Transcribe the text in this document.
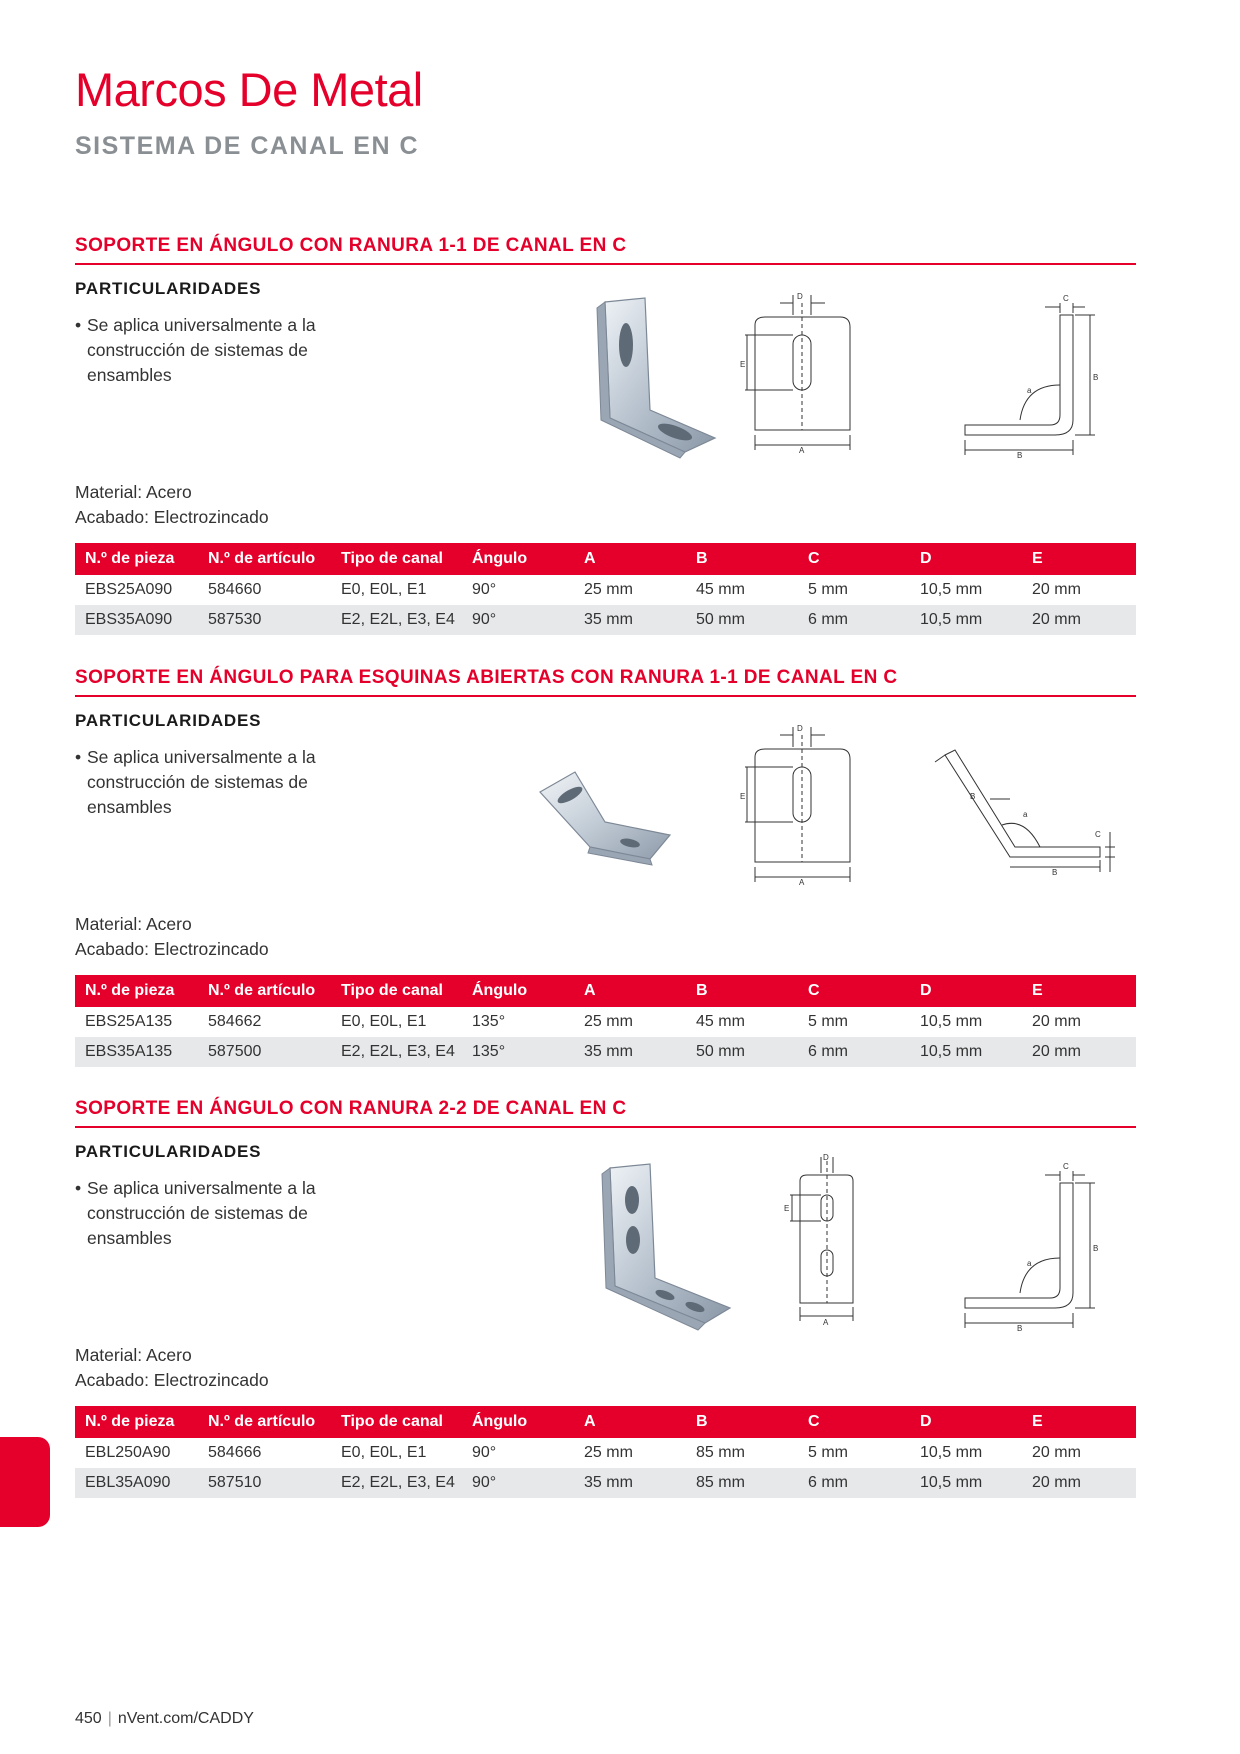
Marcos De Metal
SISTEMA DE CANAL EN C
SOPORTE EN ÁNGULO CON RANURA 1-1 DE CANAL EN C
PARTICULARIDADES
• Se aplica universalmente a la construcción de sistemas de ensambles
D
E
A
C
B
a
B
Material: Acero
Acabado: Electrozincado
N.º de pieza	N.º de artículo	Tipo de canal	Ángulo	A	B	C	D	E
EBS25A090	584660	E0, E0L, E1	90°	25 mm	45 mm	5 mm	10,5 mm	20 mm
EBS35A090	587530	E2, E2L, E3, E4	90°	35 mm	50 mm	6 mm	10,5 mm	20 mm
SOPORTE EN ÁNGULO PARA ESQUINAS ABIERTAS CON RANURA 1-1 DE CANAL EN C
PARTICULARIDADES
• Se aplica universalmente a la construcción de sistemas de ensambles
D
E
A
B
a
C
B
Material: Acero
Acabado: Electrozincado
N.º de pieza	N.º de artículo	Tipo de canal	Ángulo	A	B	C	D	E
EBS25A135	584662	E0, E0L, E1	135°	25 mm	45 mm	5 mm	10,5 mm	20 mm
EBS35A135	587500	E2, E2L, E3, E4	135°	35 mm	50 mm	6 mm	10,5 mm	20 mm
SOPORTE EN ÁNGULO CON RANURA 2-2 DE CANAL EN C
PARTICULARIDADES
• Se aplica universalmente a la construcción de sistemas de ensambles
D
E
A
C
B
a
B
Material: Acero
Acabado: Electrozincado
N.º de pieza	N.º de artículo	Tipo de canal	Ángulo	A	B	C	D	E
EBL250A90	584666	E0, E0L, E1	90°	25 mm	85 mm	5 mm	10,5 mm	20 mm
EBL35A090	587510	E2, E2L, E3, E4	90°	35 mm	85 mm	6 mm	10,5 mm	20 mm
450 | nVent.com/CADDY
